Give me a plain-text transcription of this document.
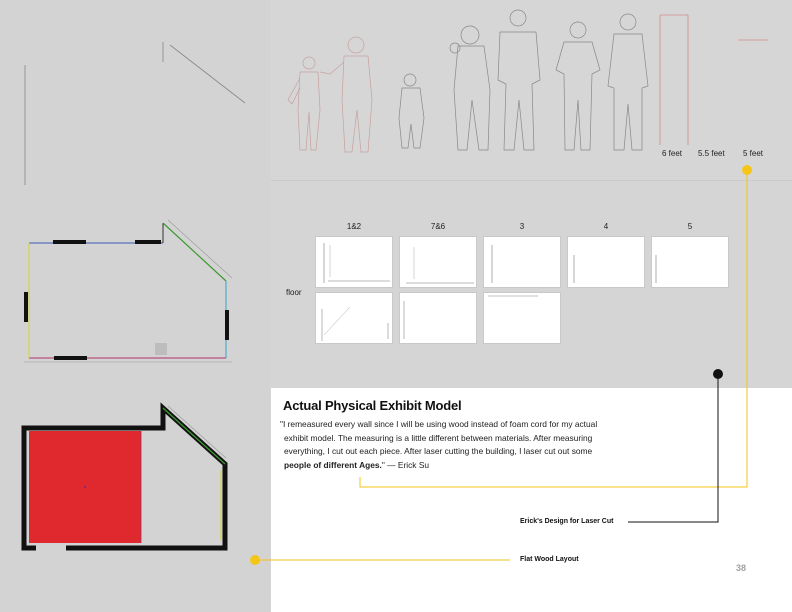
6 feet 5.5 feet 5 feet
1&2	7&6	3	4	5
floor
Actual Physical Exhibit Model

"I remeasured every wall since I will be using wood instead of foam cord for my actual

exhibit model. The measuring is a little different between materials. After measuring

everything, I cut out each piece. After laser cutting the building, I laser cut out some

people of different Ages." — Erick Su

Erick's Design for Laser Cut
Flat Wood Layout
38
